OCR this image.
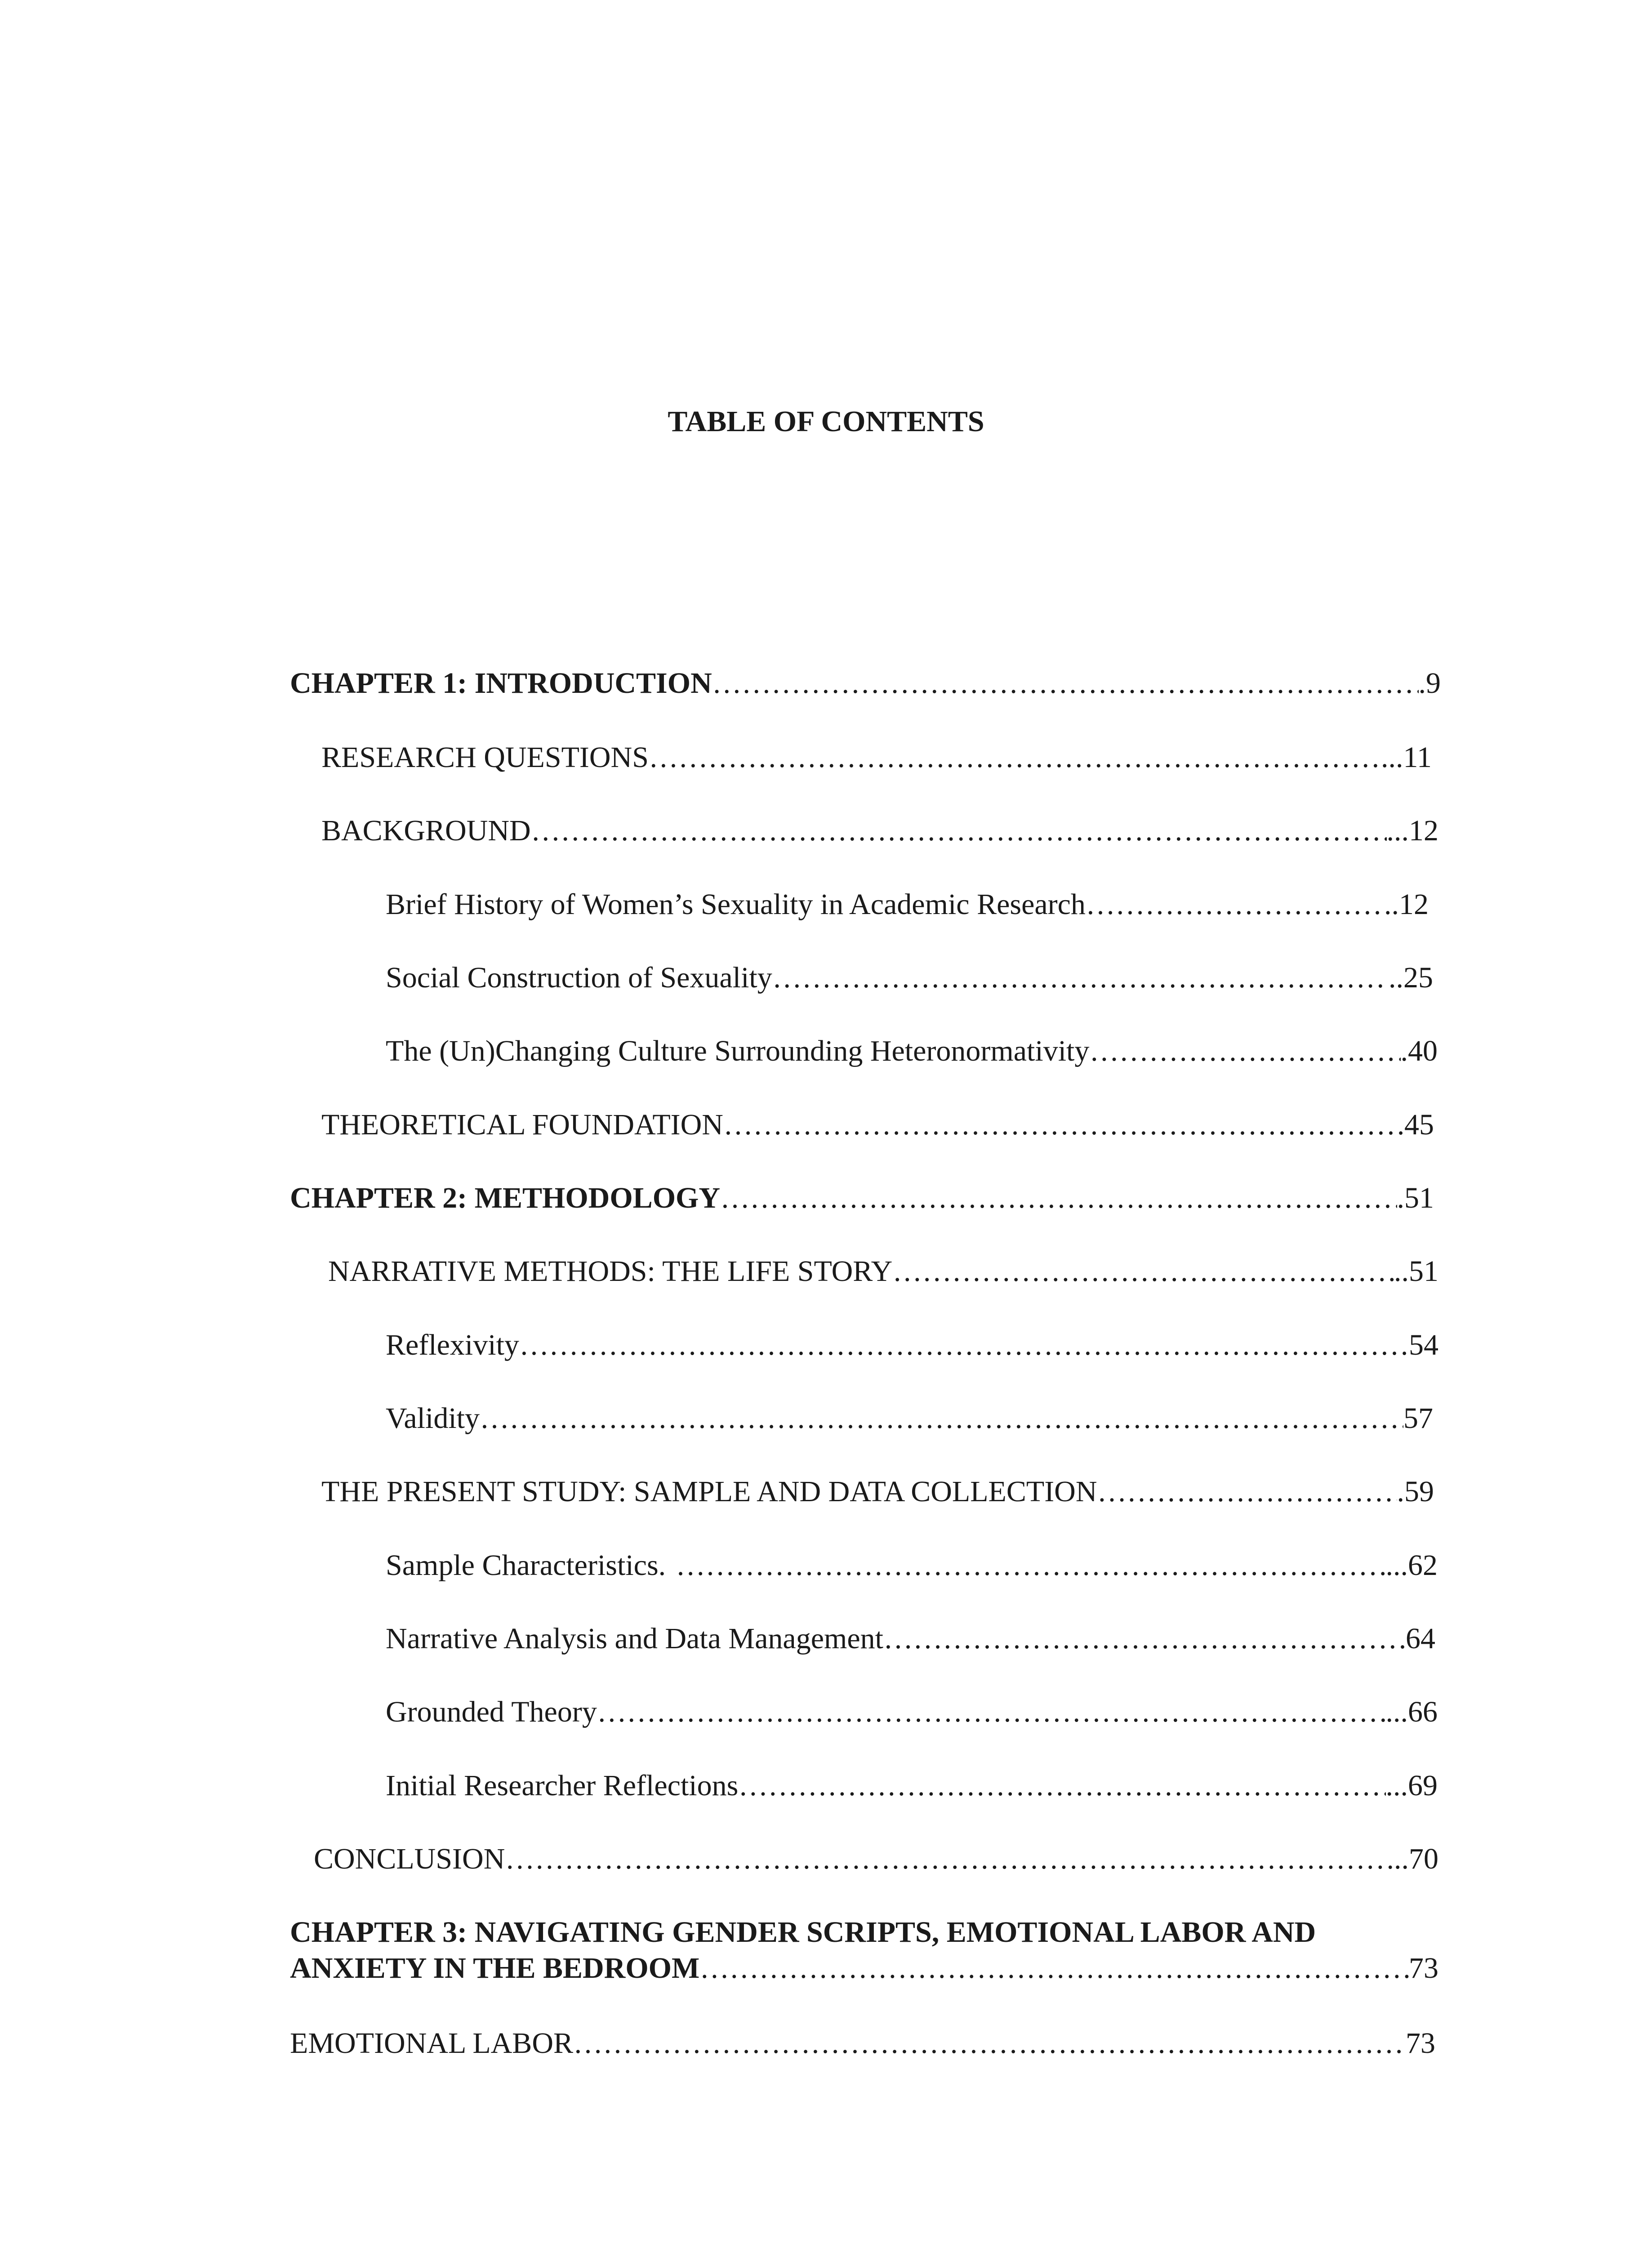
TABLE OF CONTENTS
CHAPTER 1: INTRODUCTION ……………………………………………………………………………………………………………………………………………………………………	.9
RESEARCH QUESTIONS ……………………………………………………………………………………………………………………………………………………………………	...11
BACKGROUND ……………………………………………………………………………………………………………………………………………………………………	...12
Brief History of Women’s Sexuality in Academic Research ……………………………………………………………………………………………………………………………………………………………………	..12
Social Construction of Sexuality ……………………………………………………………………………………………………………………………………………………………………	..25
The (Un)Changing Culture Surrounding Heteronormativity ……………………………………………………………………………………………………………………………………………………………………	.40
THEORETICAL FOUNDATION ……………………………………………………………………………………………………………………………………………………………………	45
CHAPTER 2: METHODOLOGY ……………………………………………………………………………………………………………………………………………………………………	.51
NARRATIVE METHODS: THE LIFE STORY ……………………………………………………………………………………………………………………………………………………………………	..51
Reflexivity ……………………………………………………………………………………………………………………………………………………………………	54
Validity ……………………………………………………………………………………………………………………………………………………………………	57
THE PRESENT STUDY: SAMPLE AND DATA COLLECTION ……………………………………………………………………………………………………………………………………………………………………	.59
Sample Characteristics. ……………………………………………………………………………………………………………………………………………………………………	...62
Narrative Analysis and Data Management ……………………………………………………………………………………………………………………………………………………………………	64
Grounded Theory ……………………………………………………………………………………………………………………………………………………………………	...66
Initial Researcher Reflections ……………………………………………………………………………………………………………………………………………………………………	...69
CONCLUSION ……………………………………………………………………………………………………………………………………………………………………	...70
CHAPTER 3: NAVIGATING GENDER SCRIPTS, EMOTIONAL LABOR AND
ANXIETY IN THE BEDROOM ……………………………………………………………………………………………………………………………………………………………………	73
EMOTIONAL LABOR ……………………………………………………………………………………………………………………………………………………………………	73
